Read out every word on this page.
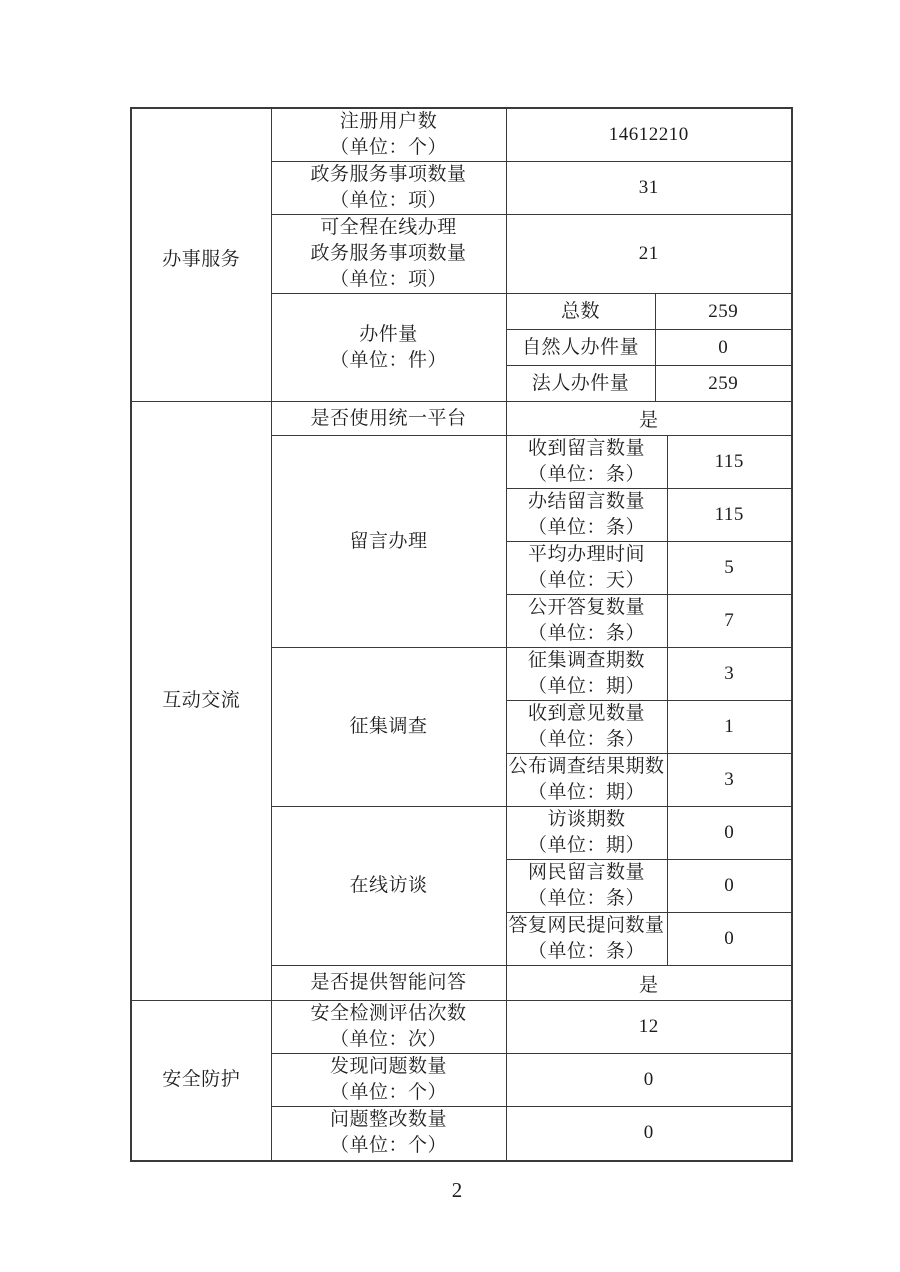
办事服务	注册用户数
（单位：个）	14612210		

	政务服务事项数量
（单位：项）	31		

	可全程在线办理
政务服务事项数量
（单位：项）	21		

	办件量
（单位：件）	总数	259	

		自然人办件量	0	

		法人办件量	259	

互动交流	是否使用统一平台	是		

	留言办理	收到留言数量
（单位：条）		115

		办结留言数量
（单位：条）		115

		平均办理时间
（单位：天）		5

		公开答复数量
（单位：条）		7

	征集调查	征集调查期数
（单位：期）		3

		收到意见数量
（单位：条）		1

		公布调查结果期数
（单位：期）		3

	在线访谈	访谈期数
（单位：期）		0

		网民留言数量
（单位：条）		0

		答复网民提问数量
（单位：条）		0

	是否提供智能问答	是		

安全防护	安全检测评估次数
（单位：次）	12		

	发现问题数量
（单位：个）	0		

	问题整改数量
（单位：个）	0		
2
